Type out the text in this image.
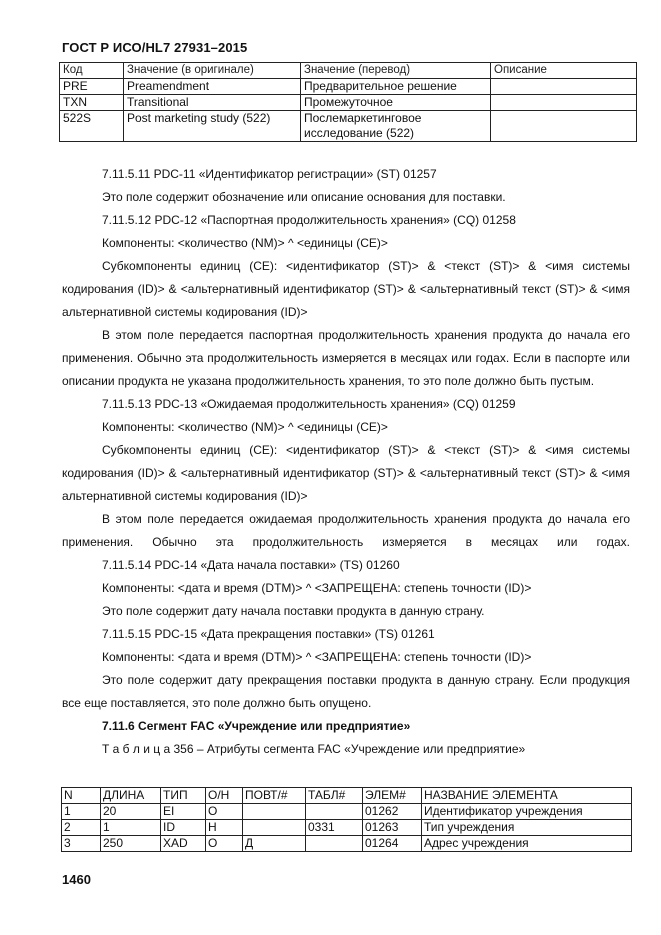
ГОСТ Р ИСО/HL7 27931–2015
Код	Значение (в оригинале)	Значение (перевод)	Описание
PRE	Preamendment	Предварительное решение	
TXN	Transitional	Промежуточное	
522S	Post marketing study (522)	Послемаркетинговое исследование (522)	

7.11.5.11 PDC-11 «Идентификатор регистрации» (ST) 01257

Это поле содержит обозначение или описание основания для поставки.

7.11.5.12 PDC-12 «Паспортная продолжительность хранения» (CQ) 01258

Компоненты: <количество (NM)> ^ <единицы (CE)>

Субкомпоненты единиц (CE): <идентификатор (ST)> & <текст (ST)> & <имя системы кодирования (ID)> & <альтернативный идентификатор (ST)> & <альтернативный текст (ST)> & <имя альтернативной системы кодирования (ID)>

В этом поле передается паспортная продолжительность хранения продукта до начала его применения. Обычно эта продолжительность измеряется в месяцах или годах. Если в паспорте или описании продукта не указана продолжительность хранения, то это поле должно быть пустым.

7.11.5.13 PDC-13 «Ожидаемая продолжительность хранения» (CQ) 01259

Компоненты: <количество (NM)> ^ <единицы (CE)>

Субкомпоненты единиц (CE): <идентификатор (ST)> & <текст (ST)> & <имя системы кодирования (ID)> & <альтернативный идентификатор (ST)> & <альтернативный текст (ST)> & <имя альтернативной системы кодирования (ID)>

В этом поле передается ожидаемая продолжительность хранения продукта до начала его применения. Обычно эта продолжительность измеряется в месяцах или годах.

7.11.5.14 PDC-14 «Дата начала поставки» (TS) 01260

Компоненты: <дата и время (DTM)> ^ <ЗАПРЕЩЕНА: степень точности (ID)>

Это поле содержит дату начала поставки продукта в данную страну.

7.11.5.15 PDC-15 «Дата прекращения поставки» (TS) 01261

Компоненты: <дата и время (DTM)> ^ <ЗАПРЕЩЕНА: степень точности (ID)>

Это поле содержит дату прекращения поставки продукта в данную страну. Если продукция все еще поставляется, это поле должно быть опущено.

7.11.6 Сегмент FAC «Учреждение или предприятие»

Т а б л и ц а 356 – Атрибуты сегмента FAC «Учреждение или предприятие»

N	ДЛИНА	ТИП	О/Н	ПОВТ/#	ТАБЛ#	ЭЛЕМ#	НАЗВАНИЕ ЭЛЕМЕНТА
1	20	EI	О			01262	Идентификатор учреждения
2	1	ID	Н		0331	01263	Тип учреждения
3	250	XAD	О	Д		01264	Адрес учреждения
1460
